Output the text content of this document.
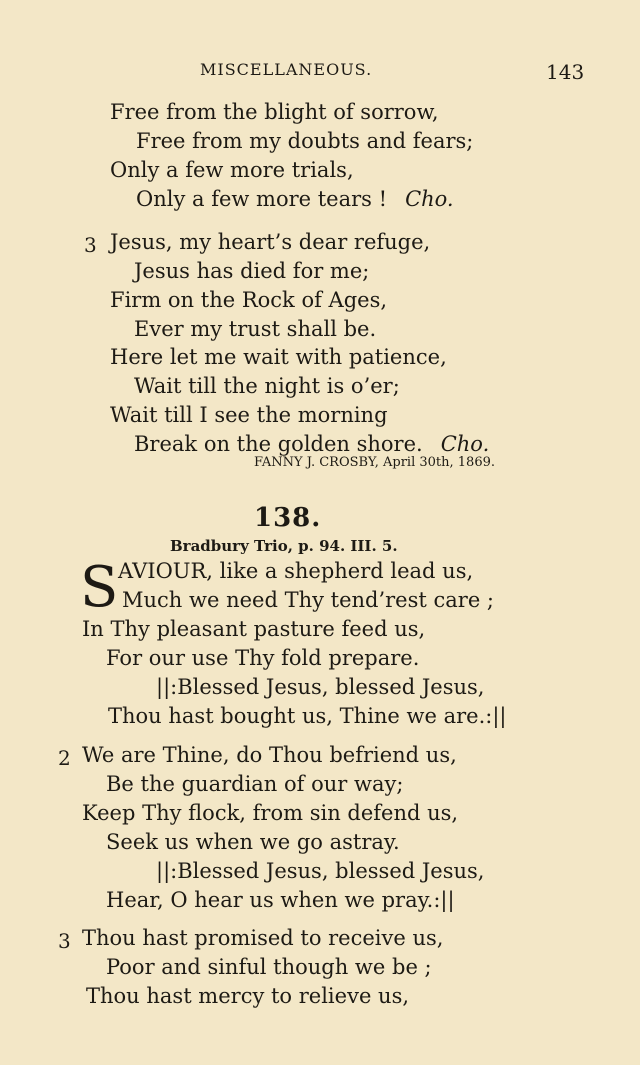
MISCELLANEOUS.	143
Free from the blight of sorrow,
Free from my doubts and fears;
Only a few more trials,
Only a few more tears ! Cho.
3 Jesus, my heart’s dear refuge,
Jesus has died for me;
Firm on the Rock of Ages,
Ever my trust shall be.
Here let me wait with patience,
Wait till the night is o’er;
Wait till I see the morning
Break on the golden shore. Cho.
FANNY J. CROSBY, April 30th, 1869.
138.
Bradbury Trio, p. 94. III. 5.
S AVIOUR, like a shepherd lead us,
Much we need Thy tend’rest care ;
In Thy pleasant pasture feed us,
For our use Thy fold prepare.
||:Blessed Jesus, blessed Jesus,
Thou hast bought us, Thine we are.:||
2 We are Thine, do Thou befriend us,
Be the guardian of our way;
Keep Thy flock, from sin defend us,
Seek us when we go astray.
||:Blessed Jesus, blessed Jesus,
Hear, O hear us when we pray.:||
3 Thou hast promised to receive us,
Poor and sinful though we be ;
Thou hast mercy to relieve us,
